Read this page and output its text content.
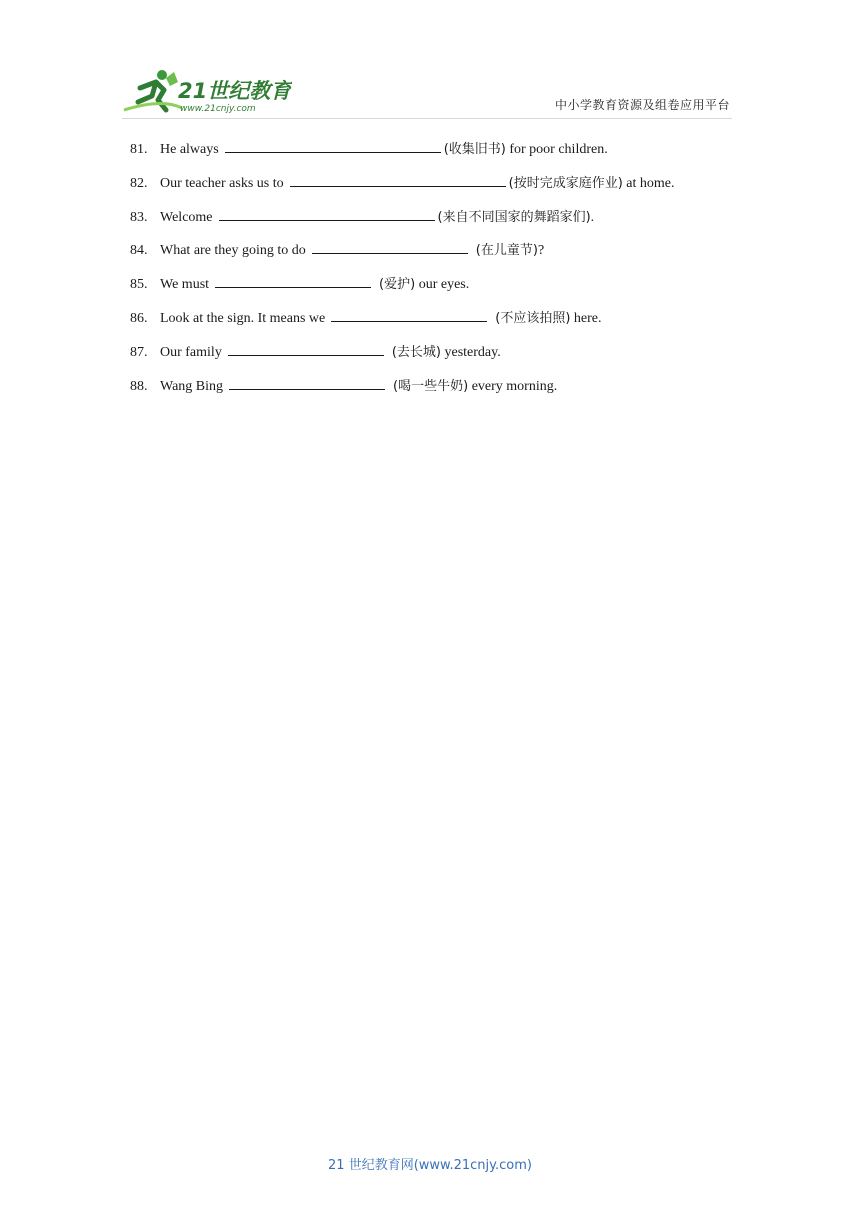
21世纪教育
www.21cnjy.com	中小学教育资源及组卷应用平台
81 . He always	(收集旧书) for poor children.
82 . Our teacher asks us to	(按时完成家庭作业) at home.
83 . Welcome	(来自不同国家的舞蹈家们).
84 . What are they going to do	(在儿童节)?
85 . We must	(爱护) our eyes.
86 . Look at the sign. It means we	(不应该拍照) here.
87 . Our family	(去长城) yesterday.
88 . Wang Bing	(喝一些牛奶) every morning.
21 世纪教育网(www.21cnjy.com)
